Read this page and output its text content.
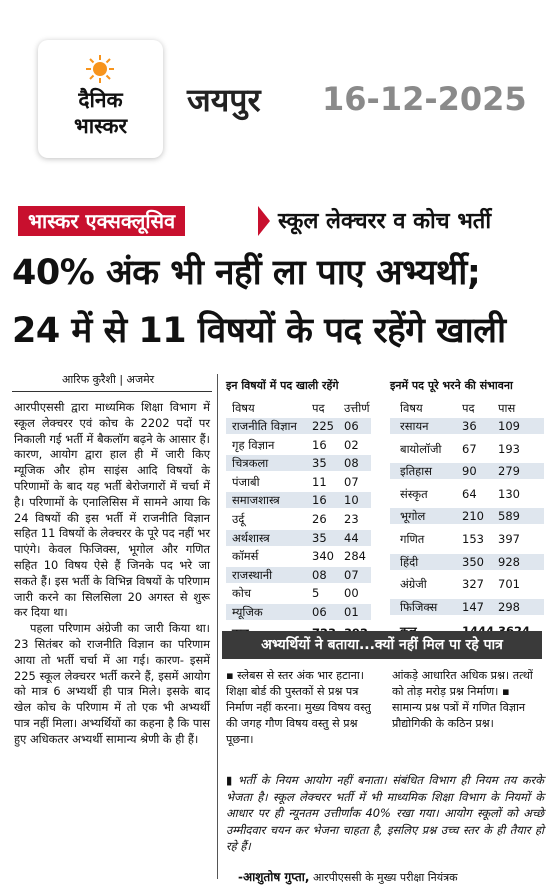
दैनिक
भास्कर
जयपुर 16-12-2025
भास्कर एक्सक्लूसिव	स्कूल लेक्चरर व कोच भर्ती
40% अंक भी नहीं ला पाए अभ्यर्थी;
24 में से 11 विषयों के पद रहेंगे खाली
आरिफ कुरैशी | अजमेर

आरपीएससी द्वारा माध्यमिक शिक्षा विभाग में स्कूल लेक्चरर एवं कोच के 2202 पदों पर निकाली गई भर्ती में बैकलॉग बढ़ने के आसार हैं। कारण, आयोग द्वारा हाल ही में जारी किए म्यूजिक और होम साइंस आदि विषयों के परिणामों के बाद यह भर्ती बेरोजगारों में चर्चा में है। परिणामों के एनालिसिस में सामने आया कि 24 विषयों की इस भर्ती में राजनीति विज्ञान सहित 11 विषयों के लेक्चरर के पूरे पद नहीं भर पाएंगे। केवल फिजिक्स, भूगोल और गणित सहित 10 विषय ऐसे हैं जिनके पद भरे जा सकते हैं। इस भर्ती के विभिन्न विषयों के परिणाम जारी करने का सिलसिला 20 अगस्त से शुरू कर दिया था।

पहला परिणाम अंग्रेजी का जारी किया था। 23 सितंबर को राजनीति विज्ञान का परिणाम आया तो भर्ती चर्चा में आ गई। कारण- इसमें 225 स्कूल लेक्चरर भर्ती करने हैं, इसमें आयोग को मात्र 6 अभ्यर्थी ही पात्र मिले। इसके बाद खेल कोच के परिणाम में तो एक भी अभ्यर्थी पात्र नहीं मिला। अभ्यर्थियों का कहना है कि पास हुए अधिकतर अभ्यर्थी सामान्य श्रेणी के ही हैं।

इन विषयों में पद खाली रहेंगे	इनमें पद पूरे भरने की संभावना
विषय	पद उत्तीर्ण
राजनीति विज्ञान 225 06
गृह विज्ञान	16 02
चित्रकला	35 08
पंजाबी	11 07
समाजशास्त्र	16 10
उर्दू	26 23
अर्थशास्त्र	35 44
कॉमर्स	340 284
राजस्थानी	08 07
कोच	5 00
म्यूजिक	06 01
विषय	पद पास
रसायन	36 109
बायोलॉजी 67 193
इतिहास	90 279
संस्कृत	64 130
भूगोल	210 589
गणित	153 397
हिंदी	350 928
अंग्रेजी	327 701
फिजिक्स 147 298
अभ्यर्थियों ने बताया...क्यों नहीं मिल पा रहे पात्र
▪ स्लेबस से स्तर अंक भार हटाना। शिक्षा बोर्ड की पुस्तकों से प्रश्न पत्र निर्माण नहीं करना। मुख्य विषय वस्तु की जगह गौण विषय वस्तु से प्रश्न पूछना।
आंकड़े आधारित अधिक प्रश्न। तत्थों को तोड़ मरोड़ प्रश्न निर्माण। ▪ सामान्य प्रश्न पत्रों में गणित विज्ञान प्रौद्योगिकी के कठिन प्रश्न।
▮ भर्ती के नियम आयोग नहीं बनाता। संबंधित विभाग ही नियम तय करके भेजता है। स्कूल लेक्चरर भर्ती में भी माध्यमिक शिक्षा विभाग के नियमों के आधार पर ही न्यूनतम उत्तीर्णांक 40% रखा गया। आयोग स्कूलों को अच्छे उम्मीदवार चयन कर भेजना चाहता है, इसलिए प्रश्न उच्च स्तर के ही तैयार हो रहे हैं।
-आशुतोष गुप्ता, आरपीएससी के मुख्य परीक्षा नियंत्रक
